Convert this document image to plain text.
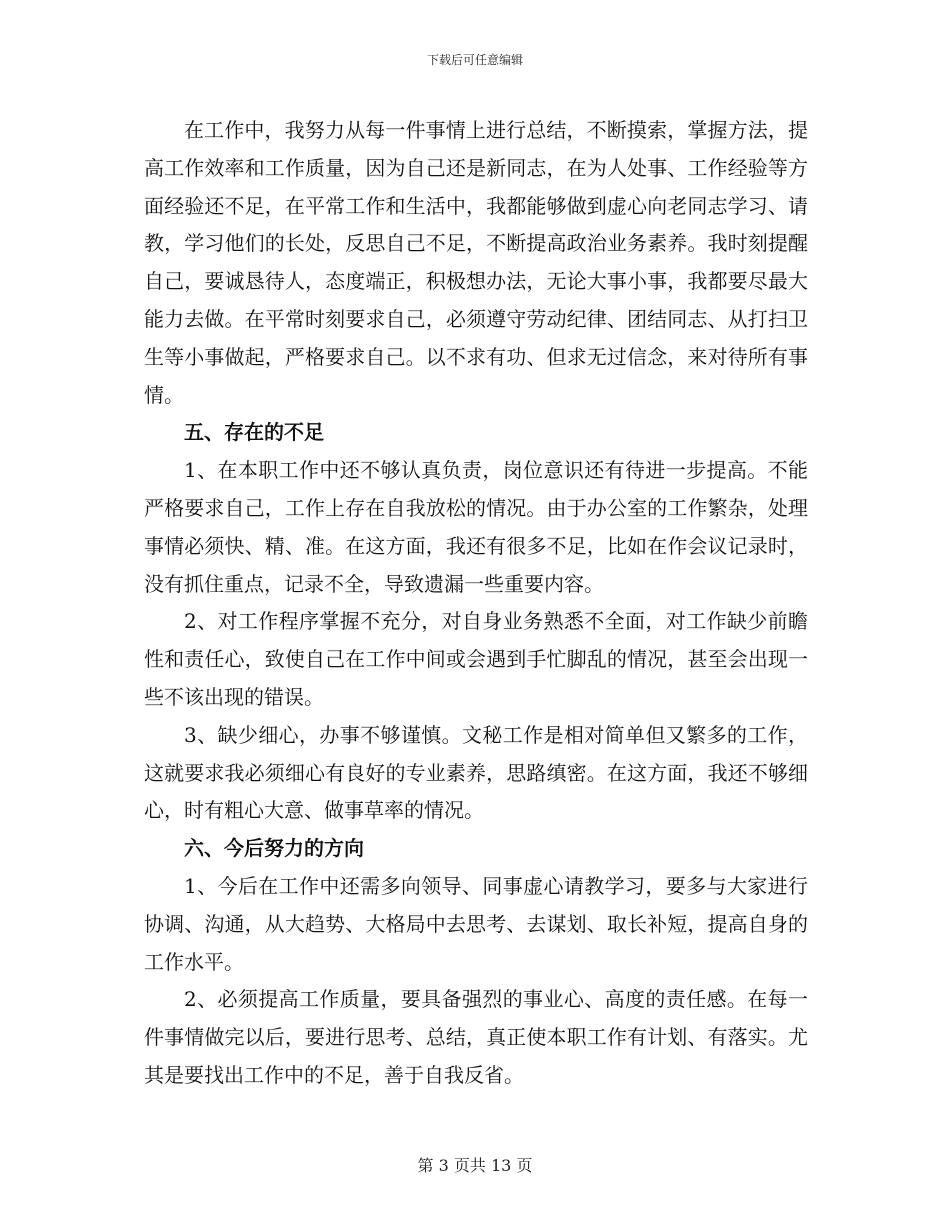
下载后可任意编辑

在工作中，我努力从每一件事情上进行总结，不断摸索，掌握方法，提高工作效率和工作质量，因为自己还是新同志，在为人处事、工作经验等方面经验还不足，在平常工作和生活中，我都能够做到虚心向老同志学习、请教，学习他们的长处，反思自己不足，不断提高政治业务素养。我时刻提醒自己，要诚恳待人，态度端正，积极想办法，无论大事小事，我都要尽最大能力去做。在平常时刻要求自己，必须遵守劳动纪律、团结同志、从打扫卫生等小事做起，严格要求自己。以不求有功、但求无过信念，来对待所有事情。

五、存在的不足

1、在本职工作中还不够认真负责，岗位意识还有待进一步提高。不能严格要求自己，工作上存在自我放松的情况。由于办公室的工作繁杂，处理事情必须快、精、准。在这方面，我还有很多不足，比如在作会议记录时，没有抓住重点，记录不全，导致遗漏一些重要内容。

2、对工作程序掌握不充分，对自身业务熟悉不全面，对工作缺少前瞻性和责任心，致使自己在工作中间或会遇到手忙脚乱的情况，甚至会出现一些不该出现的错误。

3、缺少细心，办事不够谨慎。文秘工作是相对简单但又繁多的工作，这就要求我必须细心有良好的专业素养，思路缜密。在这方面，我还不够细心，时有粗心大意、做事草率的情况。

六、今后努力的方向

1、今后在工作中还需多向领导、同事虚心请教学习，要多与大家进行协调、沟通，从大趋势、大格局中去思考、去谋划、取长补短，提高自身的工作水平。

2、必须提高工作质量，要具备强烈的事业心、高度的责任感。在每一件事情做完以后，要进行思考、总结，真正使本职工作有计划、有落实。尤其是要找出工作中的不足，善于自我反省。

第 3 页共 13 页
